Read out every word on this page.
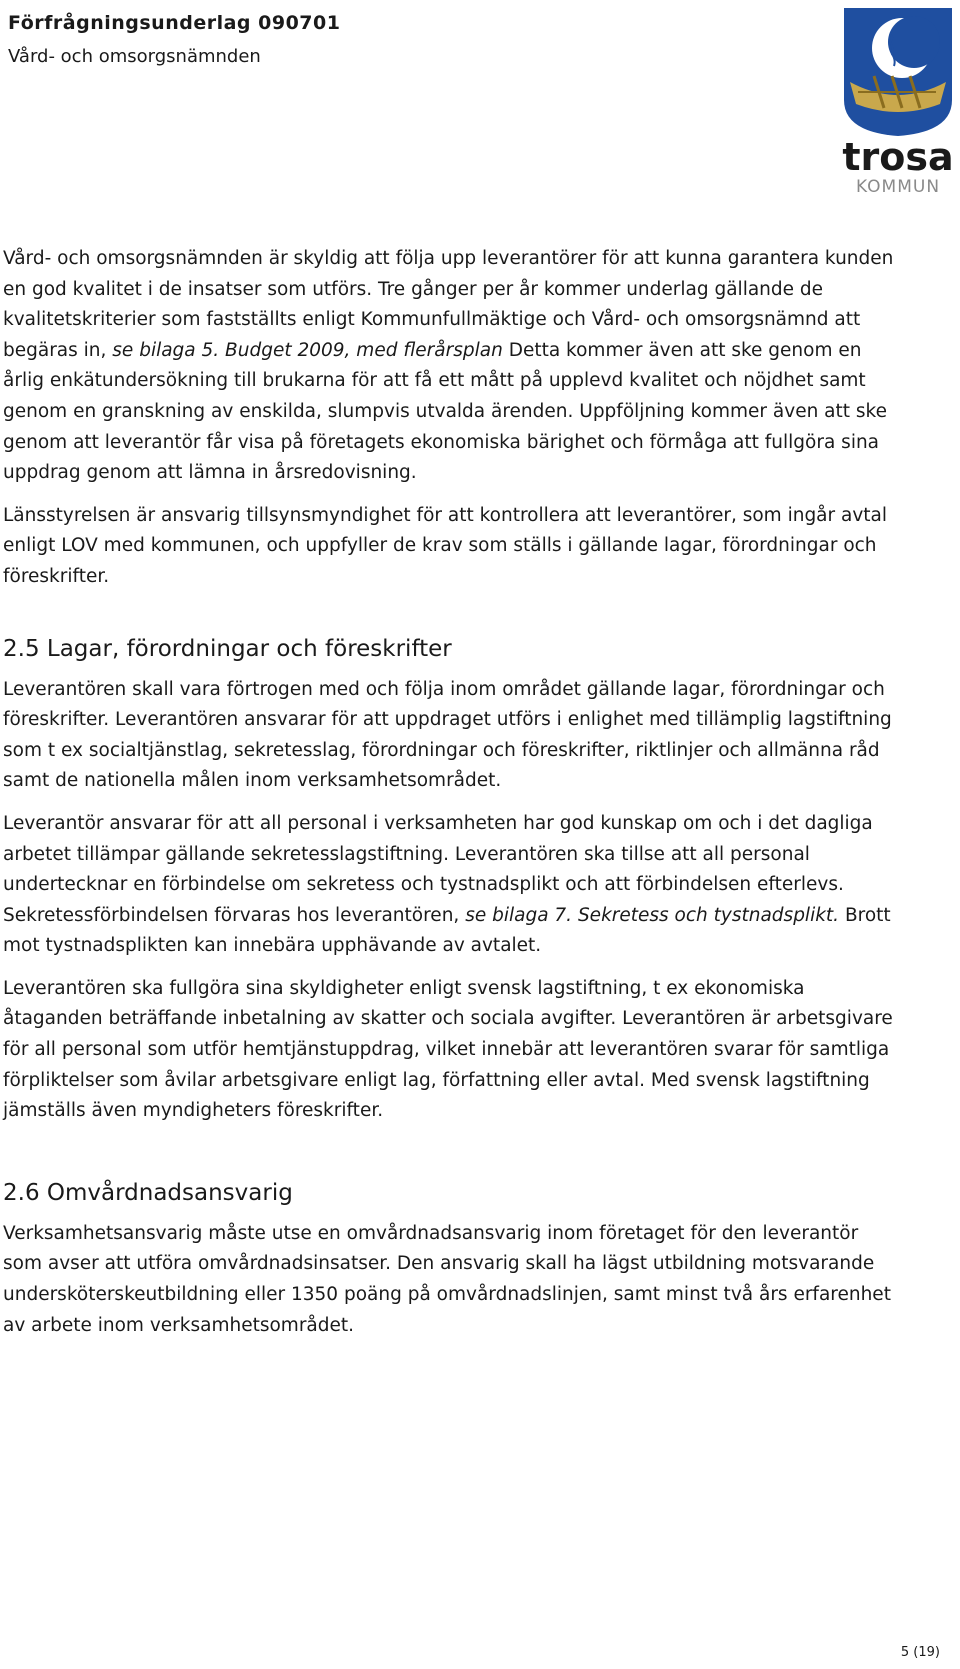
Förfrågningsunderlag 090701
Vård- och omsorgsnämnden
trosa
KOMMUN

Vård- och omsorgsnämnden är skyldig att följa upp leverantörer för att kunna garantera kunden en god kvalitet i de insatser som utförs. Tre gånger per år kommer underlag gällande de kvalitetskriterier som fastställts enligt Kommunfullmäktige och Vård- och omsorgsnämnd att begäras in, se bilaga 5. Budget 2009, med flerårsplan Detta kommer även att ske genom en årlig enkätundersökning till brukarna för att få ett mått på upplevd kvalitet och nöjdhet samt genom en granskning av enskilda, slumpvis utvalda ärenden. Uppföljning kommer även att ske genom att leverantör får visa på företagets ekonomiska bärighet och förmåga att fullgöra sina uppdrag genom att lämna in årsredovisning.

Länsstyrelsen är ansvarig tillsynsmyndighet för att kontrollera att leverantörer, som ingår avtal enligt LOV med kommunen, och uppfyller de krav som ställs i gällande lagar, förordningar och föreskrifter.

2.5 Lagar, förordningar och föreskrifter

Leverantören skall vara förtrogen med och följa inom området gällande lagar, förordningar och föreskrifter. Leverantören ansvarar för att uppdraget utförs i enlighet med tillämplig lagstiftning som t ex socialtjänstlag, sekretesslag, förordningar och föreskrifter, riktlinjer och allmänna råd samt de nationella målen inom verksamhetsområdet.

Leverantör ansvarar för att all personal i verksamheten har god kunskap om och i det dagliga arbetet tillämpar gällande sekretesslagstiftning. Leverantören ska tillse att all personal undertecknar en förbindelse om sekretess och tystnadsplikt och att förbindelsen efterlevs. Sekretessförbindelsen förvaras hos leverantören, se bilaga 7. Sekretess och tystnadsplikt. Brott mot tystnadsplikten kan innebära upphävande av avtalet.

Leverantören ska fullgöra sina skyldigheter enligt svensk lagstiftning, t ex ekonomiska åtaganden beträffande inbetalning av skatter och sociala avgifter. Leverantören är arbetsgivare för all personal som utför hemtjänstuppdrag, vilket innebär att leverantören svarar för samtliga förpliktelser som åvilar arbetsgivare enligt lag, författning eller avtal. Med svensk lagstiftning jämställs även myndigheters föreskrifter.

2.6 Omvårdnadsansvarig

Verksamhetsansvarig måste utse en omvårdnadsansvarig inom företaget för den leverantör som avser att utföra omvårdnadsinsatser. Den ansvarig skall ha lägst utbildning motsvarande undersköterskeutbildning eller 1350 poäng på omvårdnadslinjen, samt minst två års erfarenhet av arbete inom verksamhetsområdet.

5 (19)
